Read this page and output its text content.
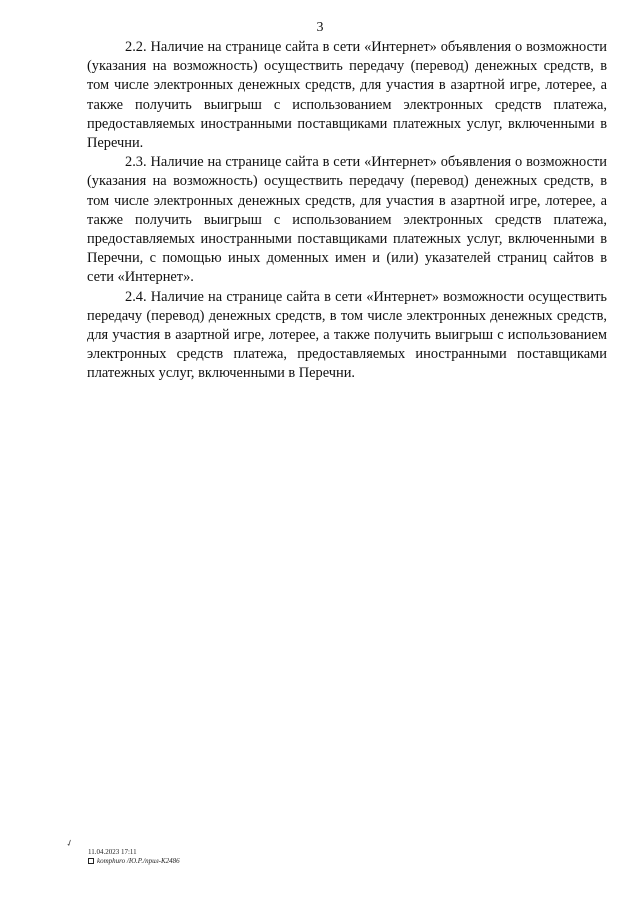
3

2.2. Наличие на странице сайта в сети «Интернет» объявления о возможности (указания на возможность) осуществить передачу (перевод) денежных средств, в том числе электронных денежных средств, для участия в азартной игре, лотерее, а также получить выигрыш с использованием электронных средств платежа, предоставляемых иностранными поставщиками платежных услуг, включенными в Перечни.

2.3. Наличие на странице сайта в сети «Интернет» объявления о возможности (указания на возможность) осуществить передачу (перевод) денежных средств, в том числе электронных денежных средств, для участия в азартной игре, лотерее, а также получить выигрыш с использованием электронных средств платежа, предоставляемых иностранными поставщиками платежных услуг, включенными в Перечни, с помощью иных доменных имен и (или) указателей страниц сайтов в сети «Интернет».

2.4. Наличие на странице сайта в сети «Интернет» возможности осуществить передачу (перевод) денежных средств, в том числе электронных денежных средств, для участия в азартной игре, лотерее, а также получить выигрыш с использованием электронных средств платежа, предоставляемых иностранными поставщиками платежных услуг, включенными в Перечни.

✓
11.04.2023 17:11
komphuro /Ю.Р./прил-К2486
